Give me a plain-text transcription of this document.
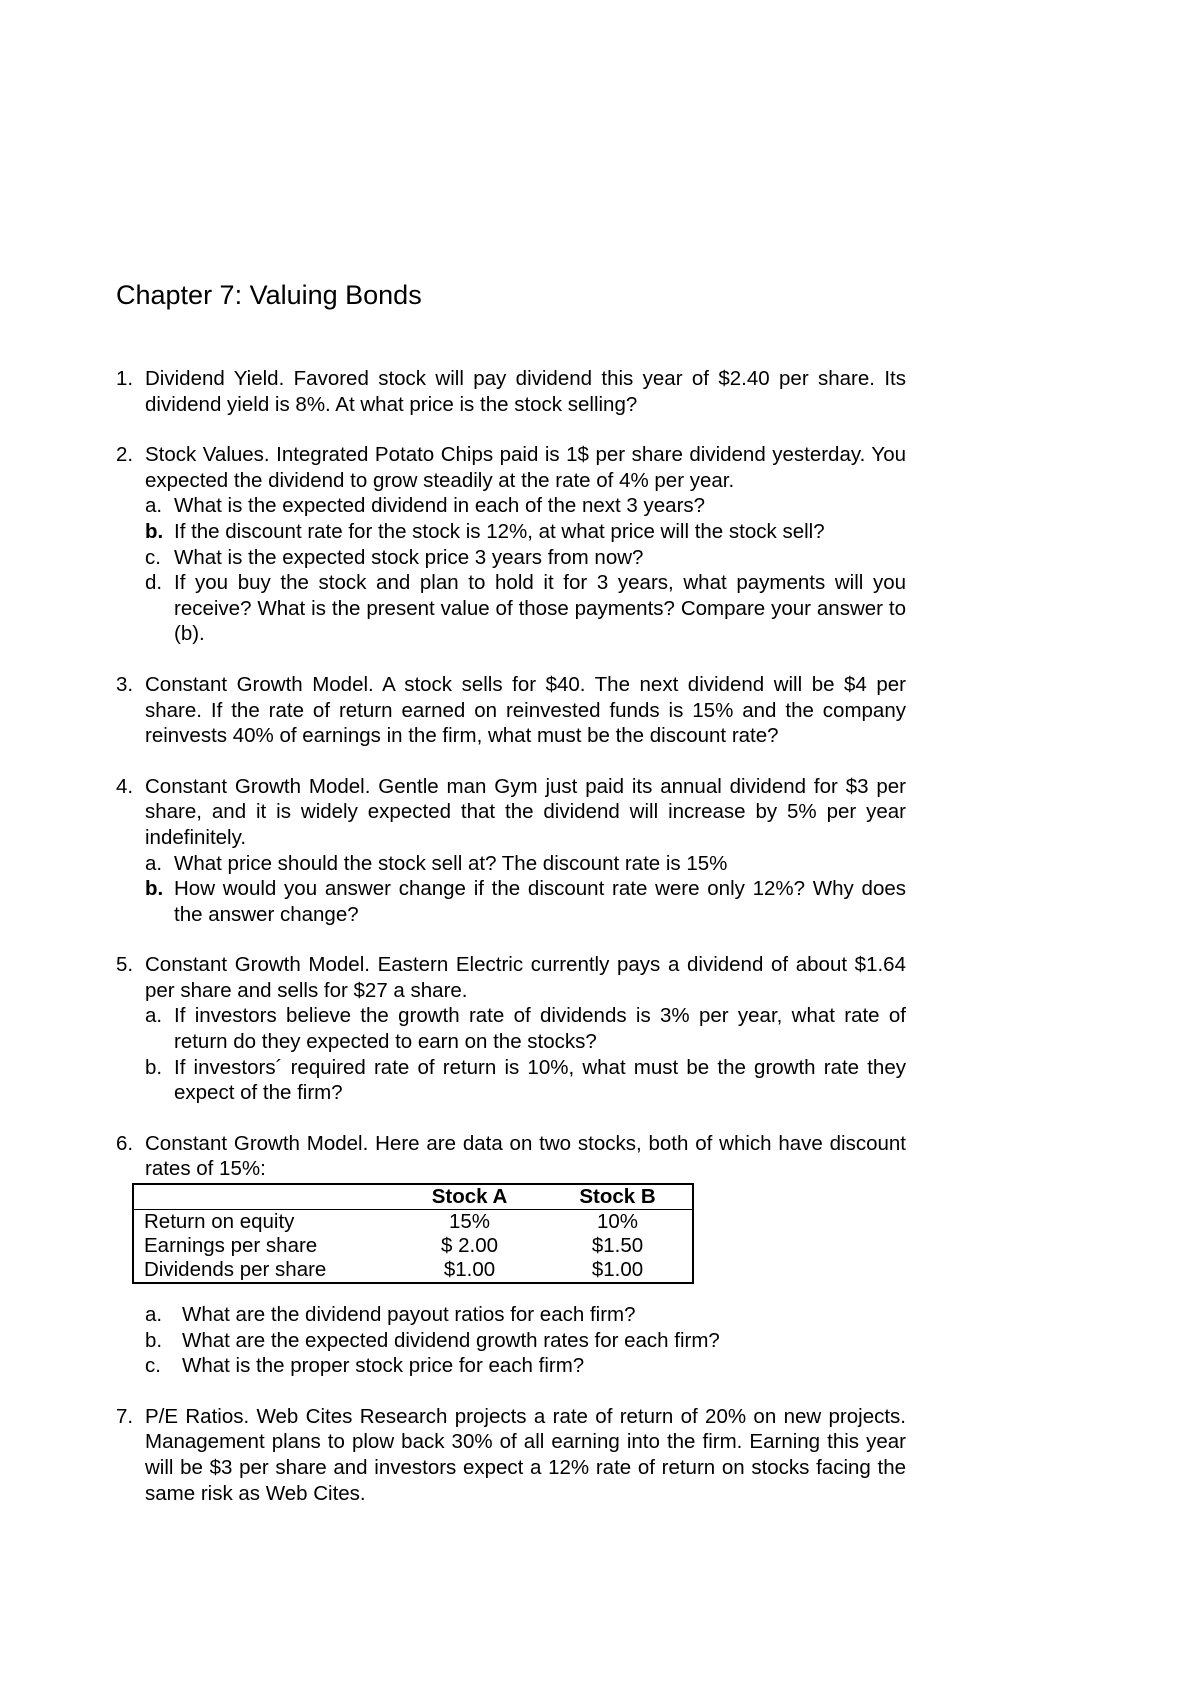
Chapter 7: Valuing Bonds
1. Dividend Yield. Favored stock will pay dividend this year of $2.40 per share. Its dividend yield is 8%. At what price is the stock selling?

2. Stock Values. Integrated Potato Chips paid is 1$ per share dividend yesterday. You expected the dividend to grow steadily at the rate of 4% per year.

a. What is the expected dividend in each of the next 3 years?
b. If the discount rate for the stock is 12%, at what price will the stock sell?
c. What is the expected stock price 3 years from now?
d. If you buy the stock and plan to hold it for 3 years, what payments will you receive? What is the present value of those payments? Compare your answer to (b).
3. Constant Growth Model. A stock sells for $40. The next dividend will be $4 per share. If the rate of return earned on reinvested funds is 15% and the company reinvests 40% of earnings in the firm, what must be the discount rate?

4. Constant Growth Model. Gentle man Gym just paid its annual dividend for $3 per share, and it is widely expected that the dividend will increase by 5% per year indefinitely.

a. What price should the stock sell at? The discount rate is 15%
b. How would you answer change if the discount rate were only 12%? Why does the answer change?
5. Constant Growth Model. Eastern Electric currently pays a dividend of about $1.64 per share and sells for $27 a share.

a. If investors believe the growth rate of dividends is 3% per year, what rate of return do they expected to earn on the stocks?
b. If investors´ required rate of return is 10%, what must be the growth rate they expect of the firm?
6. Constant Growth Model. Here are data on two stocks, both of which have discount rates of 15%:

	Stock A	Stock B
Return on equity	15%	10%
Earnings per share	$ 2.00	$1.50
Dividends per share	$1.00	$1.00
a. What are the dividend payout ratios for each firm?
b. What are the expected dividend growth rates for each firm?
c. What is the proper stock price for each firm?
7. P/E Ratios. Web Cites Research projects a rate of return of 20% on new projects. Management plans to plow back 30% of all earning into the firm. Earning this year will be $3 per share and investors expect a 12% rate of return on stocks facing the same risk as Web Cites.
